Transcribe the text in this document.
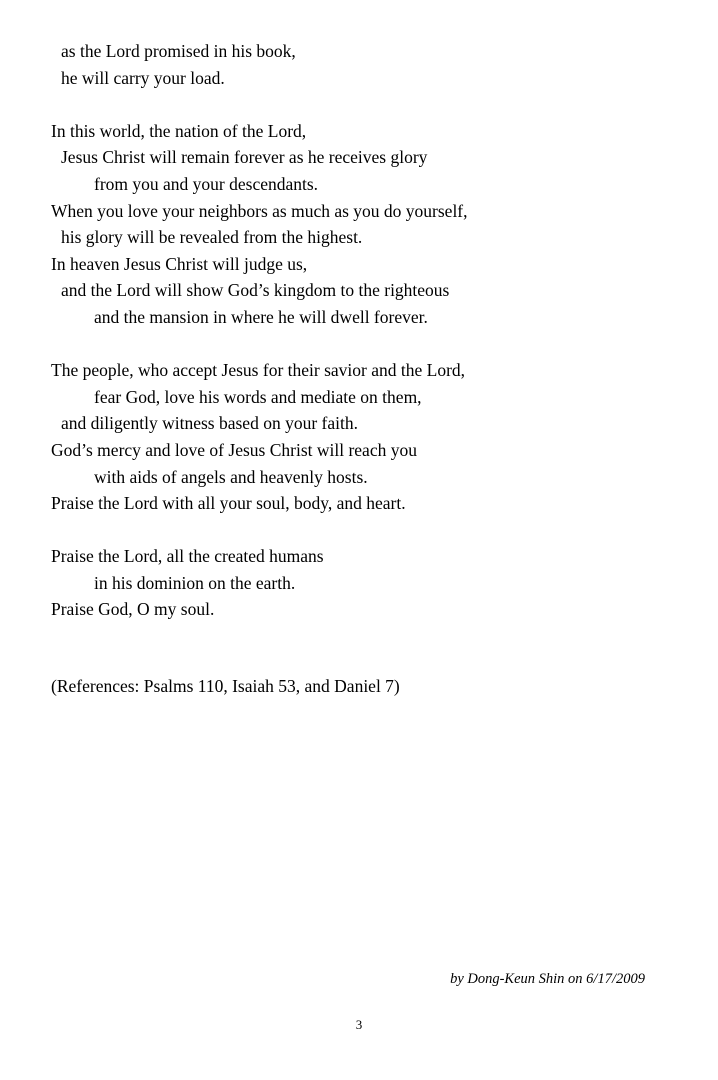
as the Lord promised in his book,
he will carry your load.

In this world, the nation of the Lord,
Jesus Christ will remain forever as he receives glory
from you and your descendants.
When you love your neighbors as much as you do yourself,
his glory will be revealed from the highest.
In heaven Jesus Christ will judge us,
and the Lord will show God’s kingdom to the righteous
and the mansion in where he will dwell forever.

The people, who accept Jesus for their savior and the Lord,
fear God, love his words and mediate on them,
and diligently witness based on your faith.
God’s mercy and love of Jesus Christ will reach you
with aids of angels and heavenly hosts.
Praise the Lord with all your soul, body, and heart.

Praise the Lord, all the created humans
in his dominion on the earth.
Praise God, O my soul.
(References: Psalms 110, Isaiah 53, and Daniel 7)
by Dong-Keun Shin on 6/17/2009
3
